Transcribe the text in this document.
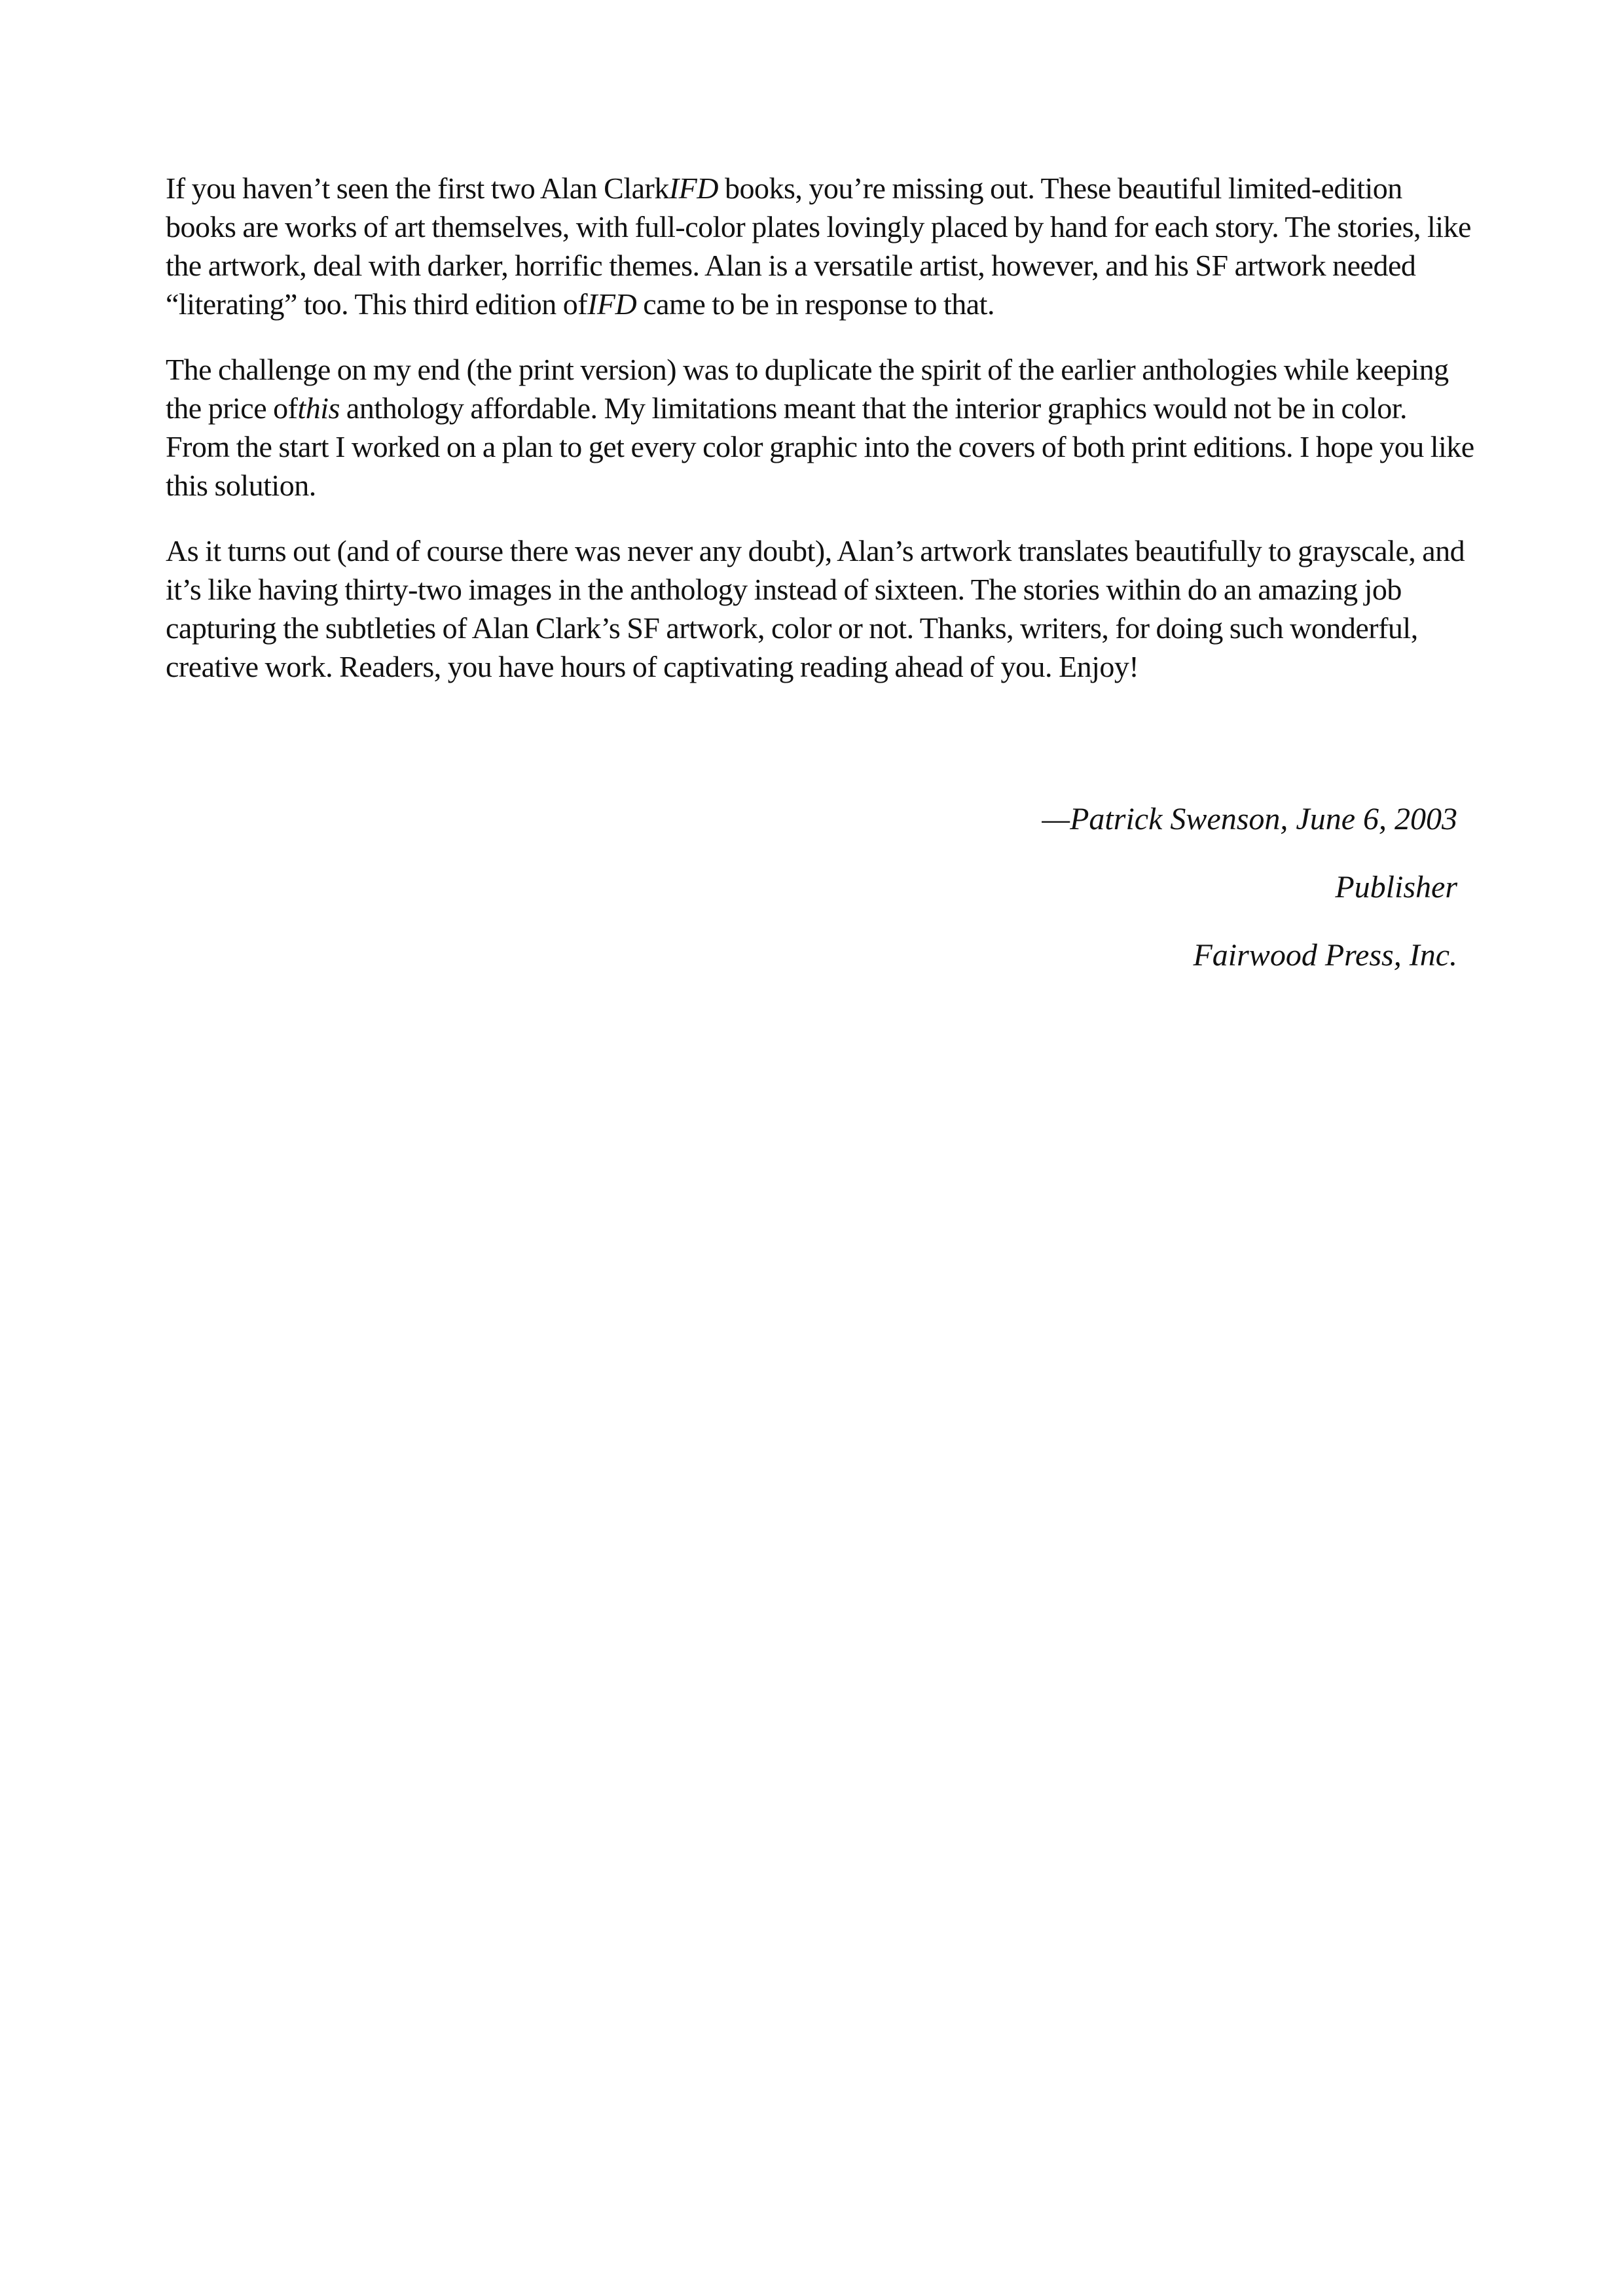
If you haven’t seen the first two Alan ClarkIFD books, you’re missing out. These beautiful limited-edition books are works of art themselves, with full-color plates lovingly placed by hand for each story. The stories, like the artwork, deal with darker, horrific themes. Alan is a versatile artist, however, and his SF artwork needed “literating” too. This third edition ofIFD came to be in response to that.

The challenge on my end (the print version) was to duplicate the spirit of the earlier anthologies while keeping the price ofthis anthology affordable. My limitations meant that the interior graphics would not be in color. From the start I worked on a plan to get every color graphic into the covers of both print editions. I hope you like this solution.

As it turns out (and of course there was never any doubt), Alan’s artwork translates beautifully to grayscale, and it’s like having thirty-two images in the anthology instead of sixteen. The stories within do an amazing job capturing the subtleties of Alan Clark’s SF artwork, color or not. Thanks, writers, for doing such wonderful, creative work. Readers, you have hours of captivating reading ahead of you. Enjoy!

—Patrick Swenson, June 6, 2003
Publisher
Fairwood Press, Inc.
